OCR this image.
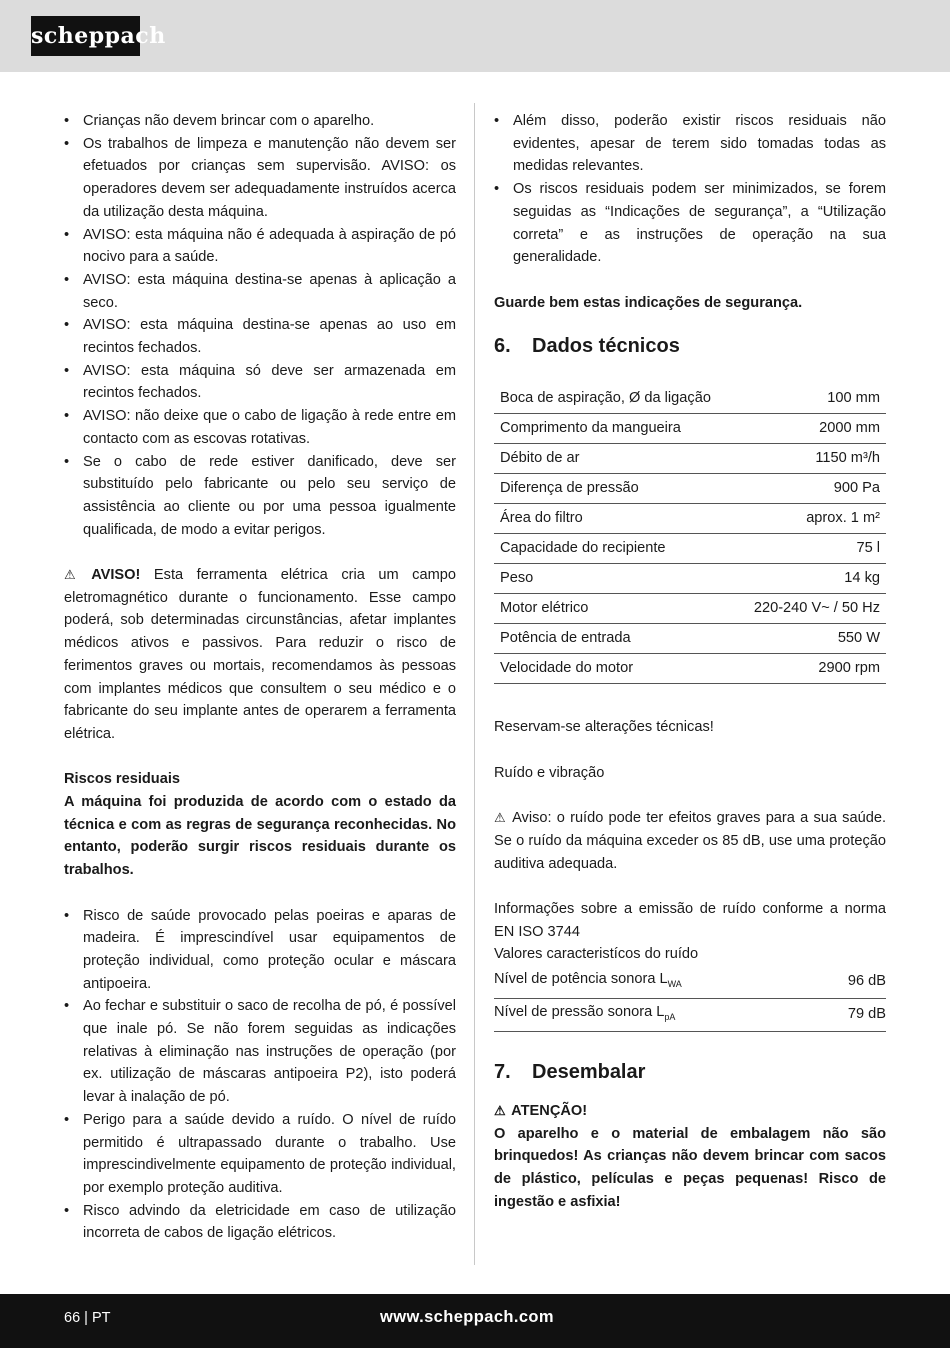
scheppach
• Crianças não devem brincar com o aparelho.
• Os trabalhos de limpeza e manutenção não devem ser efetuados por crianças sem supervisão. AVISO: os operadores devem ser adequadamente instruídos acerca da utilização desta máquina.
• AVISO: esta máquina não é adequada à aspiração de pó nocivo para a saúde.
• AVISO: esta máquina destina-se apenas à aplicação a seco.
• AVISO: esta máquina destina-se apenas ao uso em recintos fechados.
• AVISO: esta máquina só deve ser armazenada em recintos fechados.
• AVISO: não deixe que o cabo de ligação à rede entre em contacto com as escovas rotativas.
• Se o cabo de rede estiver danificado, deve ser substituído pelo fabricante ou pelo seu serviço de assistência ao cliente ou por uma pessoa igualmente qualificada, de modo a evitar perigos.

⚠ AVISO! Esta ferramenta elétrica cria um campo eletromagnético durante o funcionamento. Esse campo poderá, sob determinadas circunstâncias, afetar implantes médicos ativos e passivos. Para reduzir o risco de ferimentos graves ou mortais, recomendamos às pessoas com implantes médicos que consultem o seu médico e o fabricante do seu implante antes de operarem a ferramenta elétrica.

Riscos residuais

A máquina foi produzida de acordo com o estado da técnica e com as regras de segurança reconhecidas. No entanto, poderão surgir riscos residuais durante os trabalhos.

• Risco de saúde provocado pelas poeiras e aparas de madeira. É imprescindível usar equipamentos de proteção individual, como proteção ocular e máscara antipoeira.
• Ao fechar e substituir o saco de recolha de pó, é possível que inale pó. Se não forem seguidas as indicações relativas à eliminação nas instruções de operação (por ex. utilização de máscaras antipoeira P2), isto poderá levar à inalação de pó.
• Perigo para a saúde devido a ruído. O nível de ruído permitido é ultrapassado durante o trabalho. Use imprescindivelmente equipamento de proteção individual, por exemplo proteção auditiva.
• Risco advindo da eletricidade em caso de utilização incorreta de cabos de ligação elétricos.
• Além disso, poderão existir riscos residuais não evidentes, apesar de terem sido tomadas todas as medidas relevantes.
• Os riscos residuais podem ser minimizados, se forem seguidas as “Indicações de segurança”, a “Utilização correta” e as instruções de operação na sua generalidade.

Guarde bem estas indicações de segurança.

6. Dados técnicos
Boca de aspiração, Ø da ligação	100 mm
Comprimento da mangueira	2000 mm
Débito de ar	1150 m³/h
Diferença de pressão	900 Pa
Área do filtro	aprox. 1 m²
Capacidade do recipiente	75 l
Peso	14 kg
Motor elétrico	220-240 V~ / 50 Hz
Potência de entrada	550 W
Velocidade do motor	2900 rpm

Reservam-se alterações técnicas!

Ruído e vibração

⚠ Aviso: o ruído pode ter efeitos graves para a sua saúde. Se o ruído da máquina exceder os 85 dB, use uma proteção auditiva adequada.

Informações sobre a emissão de ruído conforme a norma EN ISO 3744

Valores caracteristícos do ruído

Nível de potência sonora $L_{WA}$	96 dB
Nível de pressão sonora $L_{pA}$	79 dB
7. Desembalar

⚠ ATENÇÃO!

O aparelho e o material de embalagem não são brinquedos! As crianças não devem brincar com sacos de plástico, películas e peças pequenas! Risco de ingestão e asfixia!

66 | PT	www.scheppach.com
